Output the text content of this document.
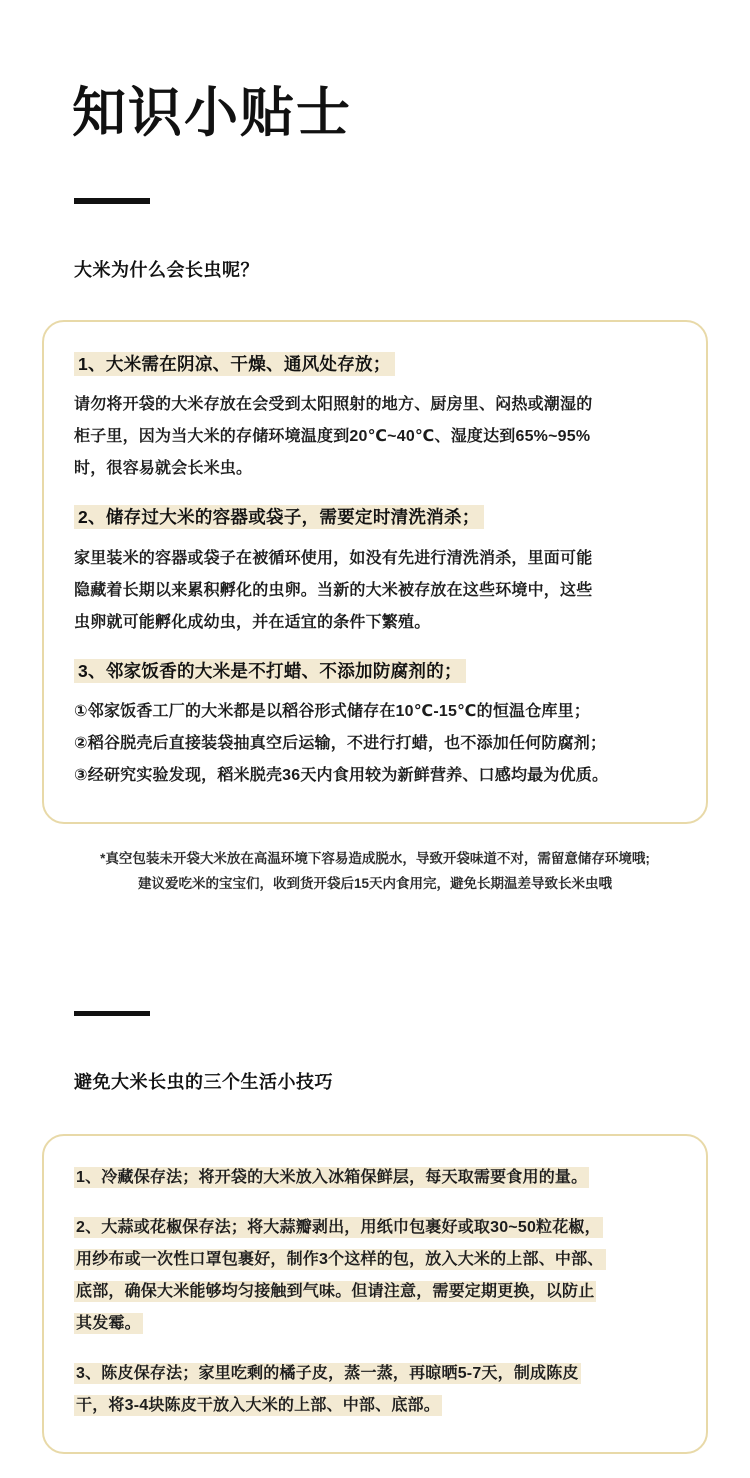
知识小贴士
大米为什么会长虫呢？
1、大米需在阴凉、干燥、通风处存放；
请勿将开袋的大米存放在会受到太阳照射的地方、厨房里、闷热或潮湿的
柜子里，因为当大米的存储环境温度到20℃~40℃、湿度达到65%~95%
时，很容易就会长米虫。
2、储存过大米的容器或袋子，需要定时清洗消杀；
家里装米的容器或袋子在被循环使用，如没有先进行清洗消杀，里面可能
隐藏着长期以来累积孵化的虫卵。当新的大米被存放在这些环境中，这些
虫卵就可能孵化成幼虫，并在适宜的条件下繁殖。
3、邻家饭香的大米是不打蜡、不添加防腐剂的；
①邻家饭香工厂的大米都是以稻谷形式储存在10℃-15℃的恒温仓库里；
②稻谷脱壳后直接装袋抽真空后运输，不进行打蜡，也不添加任何防腐剂；
③经研究实验发现，稻米脱壳36天内食用较为新鲜营养、口感均最为优质。
*真空包装未开袋大米放在高温环境下容易造成脱水，导致开袋味道不对，需留意储存环境哦;
建议爱吃米的宝宝们，收到货开袋后15天内食用完，避免长期温差导致长米虫哦
避免大米长虫的三个生活小技巧
1、冷藏保存法；将开袋的大米放入冰箱保鲜层，每天取需要食用的量。
2、大蒜或花椒保存法；将大蒜瓣剥出，用纸巾包裹好或取30~50粒花椒，
用纱布或一次性口罩包裹好，制作3个这样的包，放入大米的上部、中部、
底部，确保大米能够均匀接触到气味。但请注意，需要定期更换，以防止
其发霉。
3、陈皮保存法；家里吃剩的橘子皮，蒸一蒸，再晾晒5-7天，制成陈皮
干，将3-4块陈皮干放入大米的上部、中部、底部。
